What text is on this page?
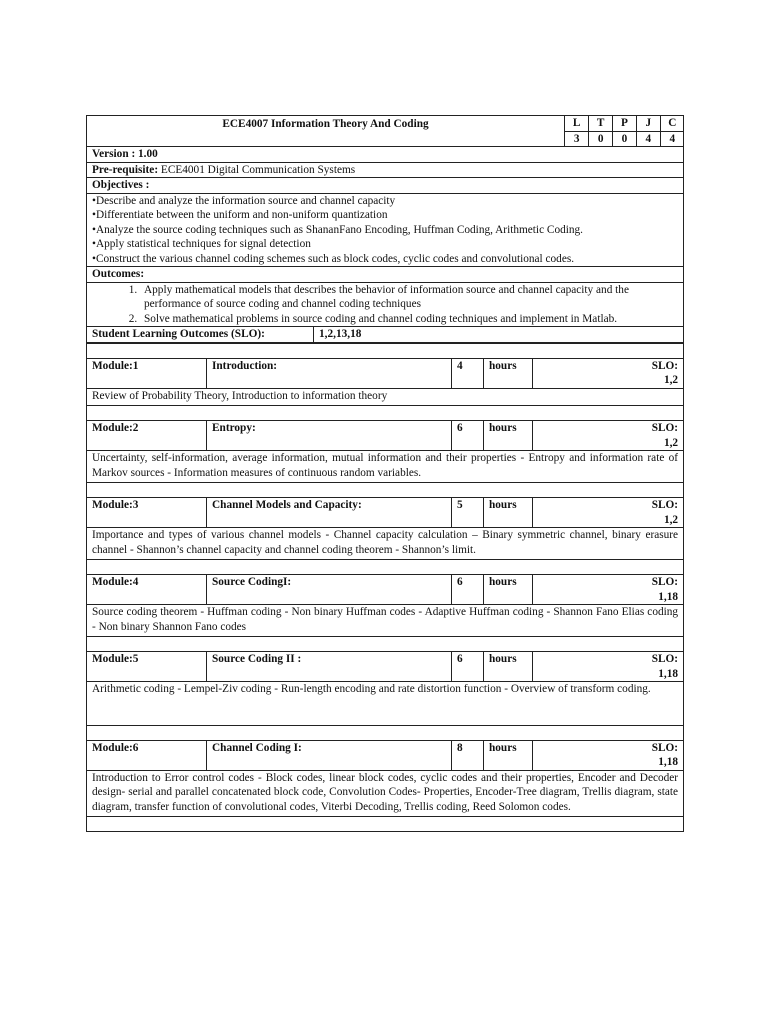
ECE4007 Information Theory And Coding		L	T	P	J	C
3	0	0	4	4
Version : 1.00
Pre-requisite: ECE4001 Digital Communication Systems
Objectives :

• Describe and analyze the information source and channel capacity
• Differentiate between the uniform and non-uniform quantization
• Analyze the source coding techniques such as ShananFano Encoding, Huffman Coding, Arithmetic Coding.
• Apply statistical techniques for signal detection
• Construct the various channel coding schemes such as block codes, cyclic codes and convolutional codes.

Outcomes:

1. Apply mathematical models that describes the behavior of information source and channel capacity and the performance of source coding and channel coding techniques
2. Solve mathematical problems in source coding and channel coding techniques and implement in Matlab.

Student Learning Outcomes (SLO):	1,2,13,18

Module:1	Introduction:	4	hours	SLO:
1,2

Review of Probability Theory, Introduction to information theory				

Module:2	Entropy:	6	hours	SLO:
1,2

Uncertainty, self-information, average information, mutual information and their properties - Entropy and information rate of Markov sources - Information measures of continuous random variables.				

Module:3	Channel Models and Capacity:	5	hours	SLO:
1,2

Importance and types of various channel models - Channel capacity calculation – Binary symmetric channel, binary erasure channel - Shannon’s channel capacity and channel coding theorem - Shannon’s limit.				

Module:4	Source CodingI:	6	hours	SLO:
1,18

Source coding theorem - Huffman coding - Non binary Huffman codes - Adaptive Huffman coding - Shannon Fano Elias coding - Non binary Shannon Fano codes				

Module:5	Source Coding II :	6	hours	SLO:
1,18

Arithmetic coding - Lempel-Ziv coding - Run-length encoding and rate distortion function - Overview of transform coding.				

Module:6	Channel Coding I:	8	hours	SLO:
1,18

Introduction to Error control codes - Block codes, linear block codes, cyclic codes and their properties, Encoder and Decoder design- serial and parallel concatenated block code, Convolution Codes- Properties, Encoder-Tree diagram, Trellis diagram, state diagram, transfer function of convolutional codes, Viterbi Decoding, Trellis coding, Reed Solomon codes.				
